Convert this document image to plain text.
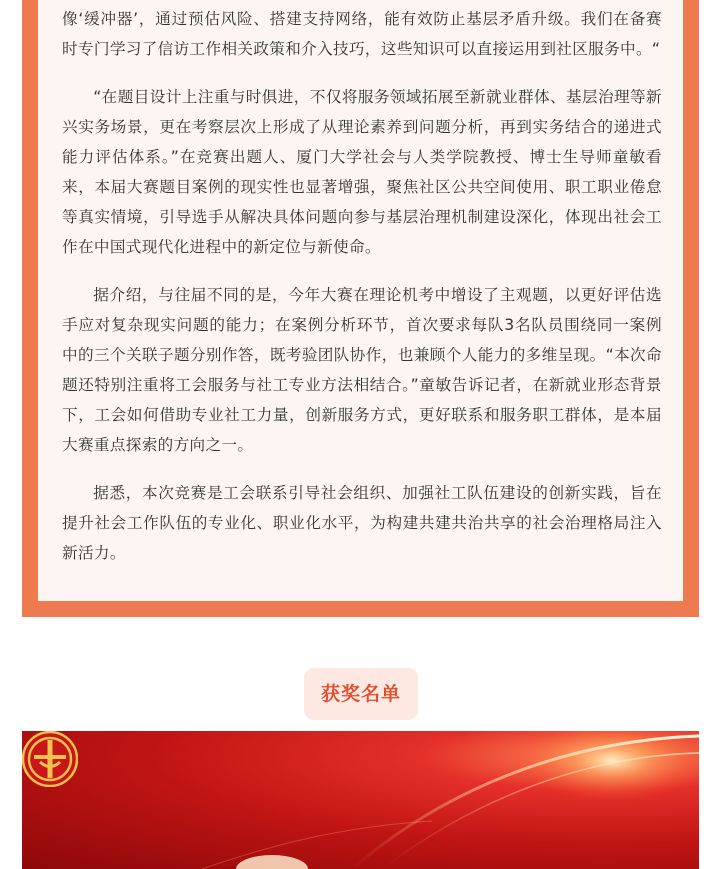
像‘缓冲器’，通过预估风险、搭建支持网络，能有效防止基层矛盾升级。我们在备赛时专门学习了信访工作相关政策和介入技巧，这些知识可以直接运用到社区服务中。“

“在题目设计上注重与时俱进，不仅将服务领域拓展至新就业群体、基层治理等新兴实务场景，更在考察层次上形成了从理论素养到问题分析，再到实务结合的递进式能力评估体系。”在竞赛出题人、厦门大学社会与人类学院教授、博士生导师童敏看来，本届大赛题目案例的现实性也显著增强，聚焦社区公共空间使用、职工职业倦怠等真实情境，引导选手从解决具体问题向参与基层治理机制建设深化，体现出社会工作在中国式现代化进程中的新定位与新使命。

据介绍，与往届不同的是，今年大赛在理论机考中增设了主观题，以更好评估选手应对复杂现实问题的能力；在案例分析环节，首次要求每队3名队员围绕同一案例中的三个关联子题分别作答，既考验团队协作，也兼顾个人能力的多维呈现。“本次命题还特别注重将工会服务与社工专业方法相结合。”童敏告诉记者，在新就业形态背景下，工会如何借助专业社工力量，创新服务方式，更好联系和服务职工群体，是本届大赛重点探索的方向之一。

据悉，本次竞赛是工会联系引导社会组织、加强社工队伍建设的创新实践，旨在提升社会工作队伍的专业化、职业化水平，为构建共建共治共享的社会治理格局注入新活力。

获奖名单
